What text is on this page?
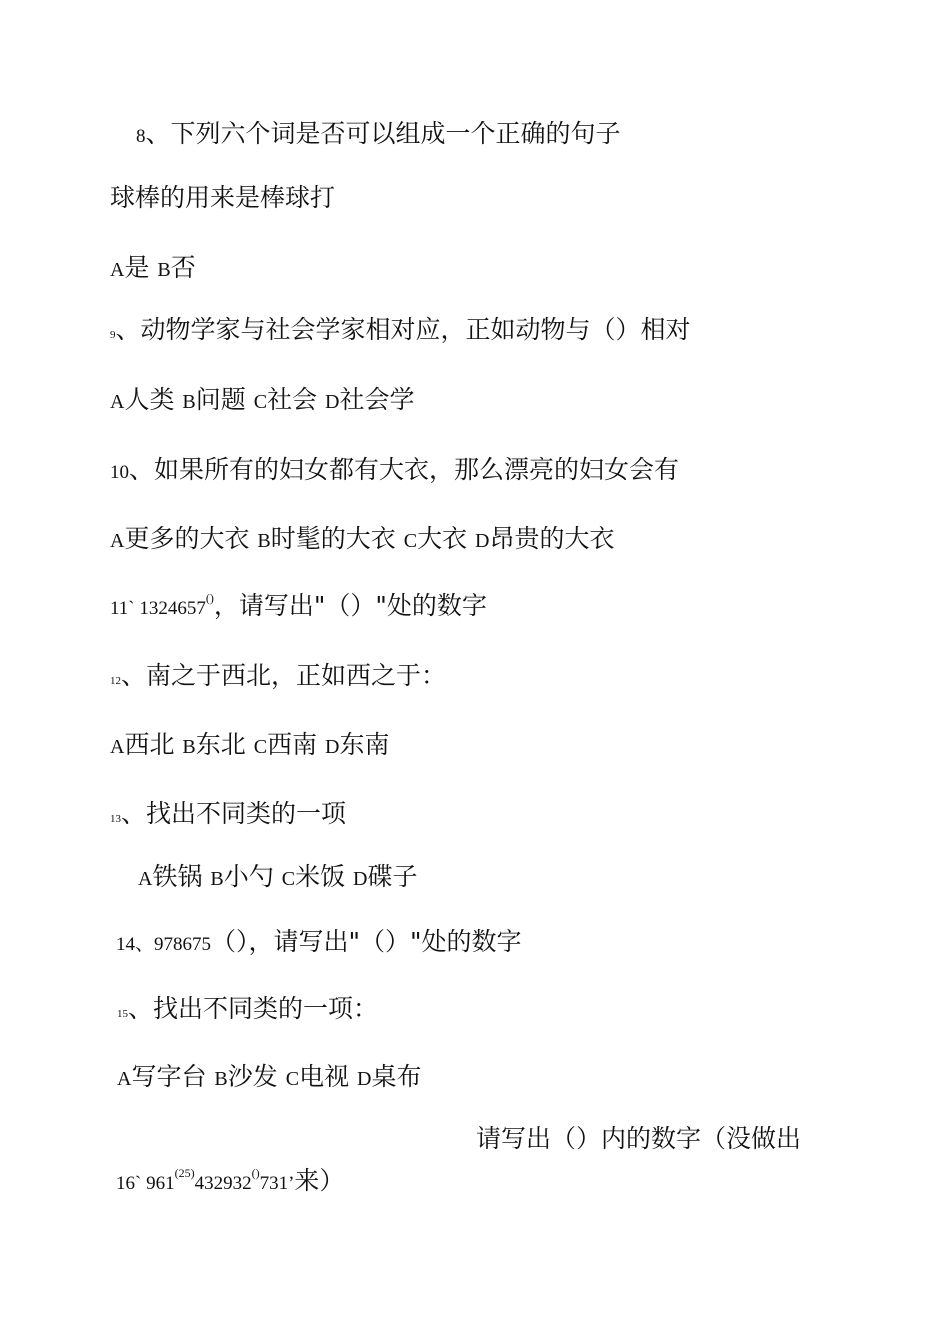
8、下列六个词是否可以组成一个正确的句子
球棒的用来是棒球打
A是 B否
9、动物学家与社会学家相对应，正如动物与（）相对
A人类 B问题 C社会 D社会学
10、如果所有的妇女都有大衣，那么漂亮的妇女会有
A更多的大衣 B时髦的大衣 C大衣 D昂贵的大衣
11` 1324657()，请写出"（）"处的数字
12、南之于西北，正如西之于：
A西北 B东北 C西南 D东南
13、找出不同类的一项
A铁锅 B小勺 C米饭 D碟子
14、978675（），请写出"（）"处的数字
15、找出不同类的一项：
A写字台 B沙发 C电视 D桌布
16` 961$^{(25)}$432932()731’来）
请写出（）内的数字（没做出
